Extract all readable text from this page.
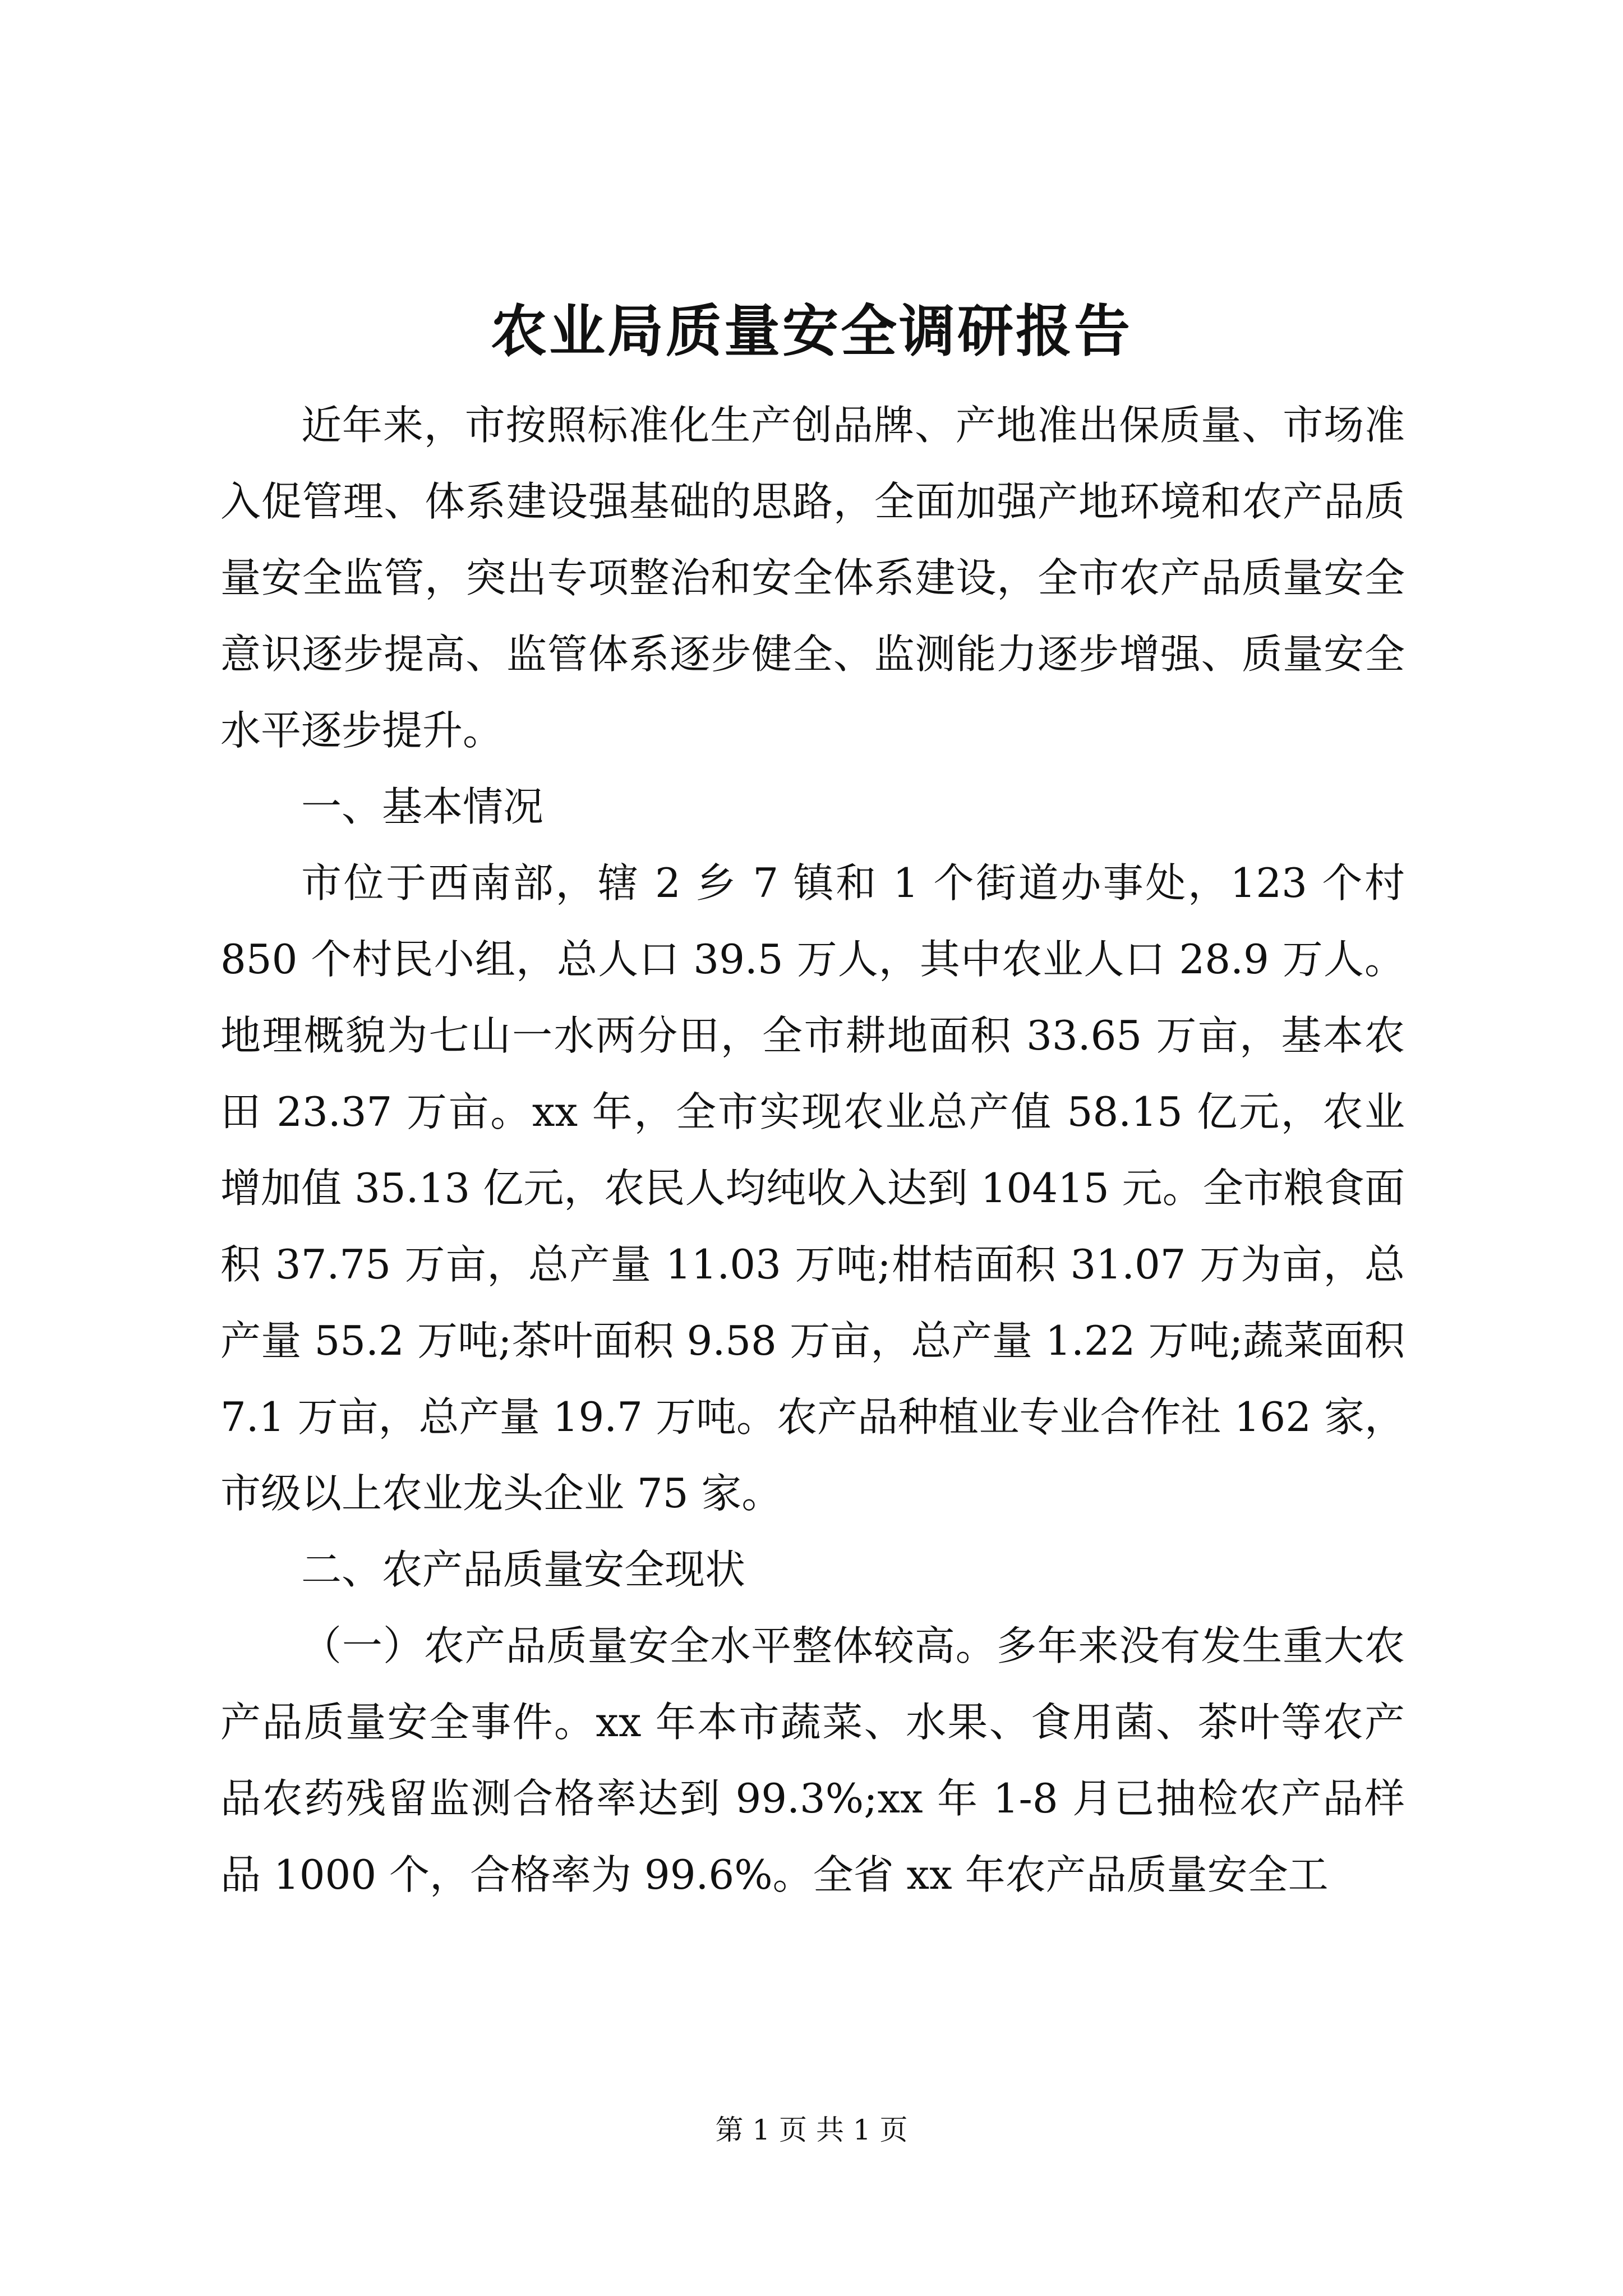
农业局质量安全调研报告

近年来，市按照标准化生产创品牌、产地准出保质量、市场准入促管理、体系建设强基础的思路，全面加强产地环境和农产品质量安全监管，突出专项整治和安全体系建设，全市农产品质量安全意识逐步提高、监管体系逐步健全、监测能力逐步增强、质量安全水平逐步提升。

一、基本情况

市位于西南部，辖 2 乡 7 镇和 1 个街道办事处，123 个村 850 个村民小组，总人口 39.5 万人，其中农业人口 28.9 万人。地理概貌为七山一水两分田，全市耕地面积 33.65 万亩，基本农田 23.37 万亩。xx 年，全市实现农业总产值 58.15 亿元，农业增加值 35.13 亿元，农民人均纯收入达到 10415 元。全市粮食面积 37.75 万亩，总产量 11.03 万吨;柑桔面积 31.07 万为亩，总产量 55.2 万吨;茶叶面积 9.58 万亩，总产量 1.22 万吨;蔬菜面积 7.1 万亩，总产量 19.7 万吨。农产品种植业专业合作社 162 家，市级以上农业龙头企业 75 家。

二、农产品质量安全现状

（一）农产品质量安全水平整体较高。多年来没有发生重大农产品质量安全事件。xx 年本市蔬菜、水果、食用菌、茶叶等农产品农药残留监测合格率达到 99.3%;xx 年 1-8 月已抽检农产品样品 1000 个，合格率为 99.6%。全省 xx 年农产品质量安全工

第 1 页 共 1 页
